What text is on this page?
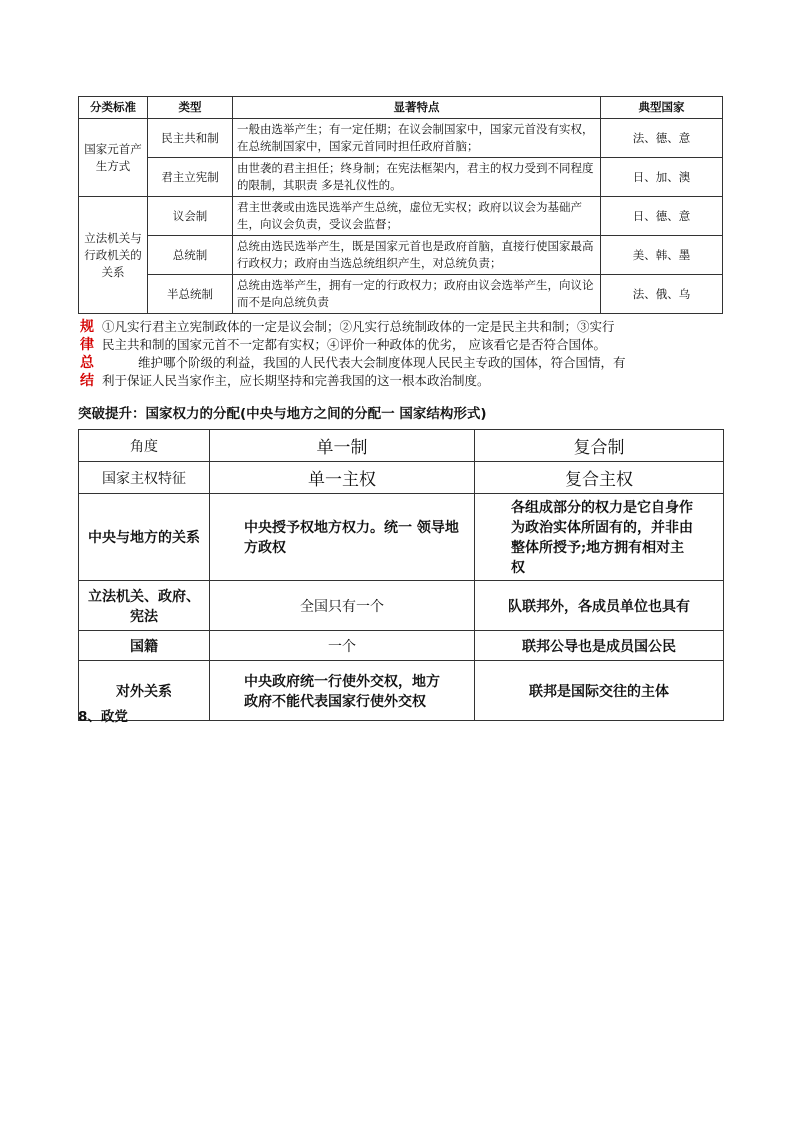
分类标准	类型	显著特点	典型国家
国家元首产生方式	民主共和制	一般由选举产生；有一定任期；在议会制国家中，国家元首没有实权，在总统制国家中，国家元首同时担任政府首脑；	法、德、意
	君主立宪制	由世袭的君主担任；终身制；在宪法框架内，君主的权力受到不同程度的限制，其职责 多是礼仪性的。	日、加、澳
立法机关与行政机关的关系	议会制	君主世袭或由选民选举产生总统，虚位无实权；政府以议会为基础产生，向议会负责，受议会监督；	日、德、意
	总统制	总统由选民选举产生，既是国家元首也是政府首脑，直接行使国家最高行政权力；政府由当选总统组织产生，对总统负责；	美、韩、墨
	半总统制	总统由选举产生，拥有一定的行政权力；政府由议会选举产生，向议论而不是向总统负责	法、俄、乌
规
律
总
结

①凡实行君主立宪制政体的一定是议会制；②凡实行总统制政体的一定是民主共和制；③实行

民主共和制的国家元首不一定都有实权；④评价一种政体的优劣， 应该看它是否符合国体。

维护哪个阶级的利益，我国的人民代表大会制度体现人民民主专政的国体，符合国情，有

利于保证人民当家作主，应长期坚持和完善我国的这一根本政治制度。

突破提升：国家权力的分配(中央与地方之间的分配一 国家结构形式)
角度	单一制	复合制
国家主权特征	单一主权	复合主权
中央与地方的关系	中央授予权地方权力。统一 领导地方政权	各组成部分的权力是它自身作为政治实体所固有的，并非由整体所授予;地方拥有相对主权
立法机关、政府、宪法	全国只有一个	队联邦外，各成员单位也具有
国籍	一个	联邦公导也是成员国公民
对外关系	中央政府统一行使外交权，地方政府不能代表国家行使外交权	联邦是国际交往的主体
8、政党
